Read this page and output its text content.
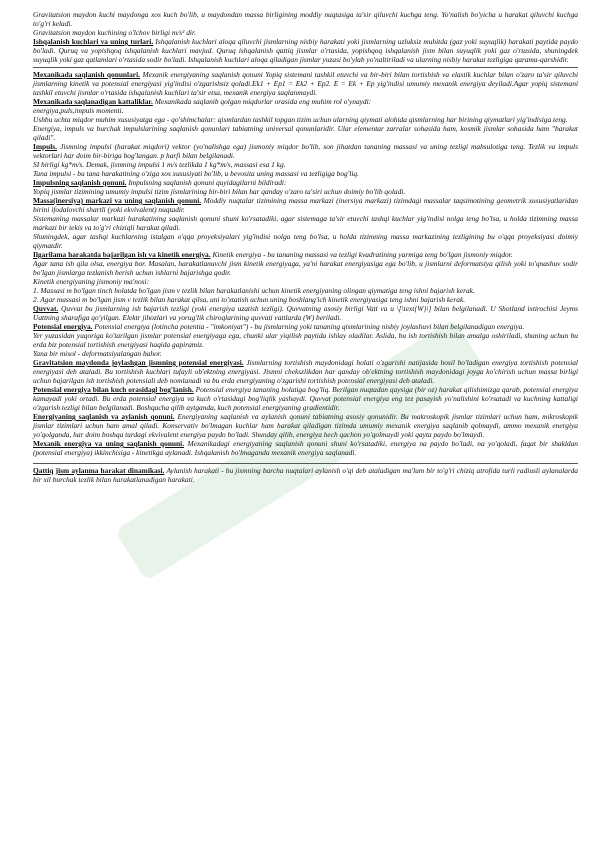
Gravitatsion maydon kuchi maydonga xos kuch bo'lib, u maydondan massa birligining moddiy nuqtasiga ta'sir qiluvchi kuchga teng. Yo'nalish bo'yicha u harakat qiluvchi kuchga to'g'ri keladi.

Gravitatsion maydon kuchining o'lchov birligi m/s² dir.

Ishqalanish kuchlari va uning turlari. Ishqalanish kuchlari aloqa qiluvchi jismlarning nisbiy harakati yoki jismlarning uzluksiz muhitda (gaz yoki suyuqlik) harakati paytida paydo bo'ladi. Quruq va yopishqoq ishqalanish kuchlari mavjud. Quruq ishqalanish qattiq jismlar o'rtasida, yopishqoq ishqalanish jism bilan suyuqlik yoki gaz o'rtasida, shuningdek suyuqlik yoki gaz qatlamlari o'rtasida sodir bo'ladi. Ishqalanish kuchlari aloqa qiladigan jismlar yuzasi bo'ylab yo'naltiriladi va ularning nisbiy harakat tezligiga qarama-qarshidir.

Mexanikada saqlanish qonunlari. Mexanik energiyaning saqlanish qonuni Yopiq sistemani tashkil etuvchi va bir-biri bilan tortishish va elastik kuchlar bilan o'zaro ta'sir qiluvchi jismlarning kinetik va potensial energiyasi yig'indisi o'zgarishsiz qoladi.Ek1 + Ep1 = Ek2 + Ep2. E = Ek + Ep yig'indisi umumiy mexanik energiya deyiladi.Agar yopiq sistemani tashkil etuvchi jismlar o'rtasida ishqalanish kuchlari ta'sir etsa, mexanik energiya saqlanmaydi.

Mexanikada saqlanadigan kattaliklar. Mexanikada saqlanib qolgan miqdorlar orasida eng muhim rol o'ynaydi:

energiya,puls,impuls momenti.

Ushbu uchta miqdor muhim xususiyatga ega - qo'shimchalar: qismlardan tashkil topgan tizim uchun ularning qiymati alohida qismlarning har birining qiymatlari yig'indisiga teng.

Energiya, impuls va burchak impulslarining saqlanish qonunlari tabiatning universal qonunlaridir. Ular elementar zarralar sohasida ham, kosmik jismlar sohasida ham "barakat qiladi".

Impuls. Jismning impulsi (harakat miqdori) vektor (yo'nalishga ega) jismoniy miqdor bo'lib, son jihatdan tananing massasi va uning tezligi mahsulotiga teng. Tezlik va impuls vektorlari har doim bir-biriga bog'langan. p harfi bilan belgilanadi.

SI birligi kg*m/s. Demak, jismning impulsi 1 m/s tezlikda 1 kg*m/s, massasi esa 1 kg.

Tana impulsi - bu tana harakatining o'ziga xos xususiyati bo'lib, u bevosita uning massasi va tezligiga bog'liq.

Impulsning saqlanish qonuni. Impulsning saqlanish qonuni quyidagilarni bildiradi:

Yopiq jismlar tizimining umumiy impulsi tizim jismlarining bir-biri bilan har qanday o'zaro ta'siri uchun doimiy bo'lib qoladi.

Massa(inersiya) markazi va uning saqlanish qonuni. Moddiy nuqtalar tizimining massa markazi (inersiya markazi) tizimdagi massalar taqsimotining geometrik xususiyatlaridan birini ifodalovchi shartli (yoki ekvivalent) nuqtadir.

Sistemaning massalar markazi harakatining saqlanish qonuni shuni ko'rsatadiki, agar sistemaga ta'sir etuvchi tashqi kuchlar yig'indisi nolga teng bo'lsa, u holda tizimning massa markazi bir tekis va to'g'ri chiziqli harakat qiladi.

Shuningdek, agar tashqi kuchlarning istalgan o'qqa proyeksiyalari yig'indisi nolga teng bo'lsa, u holda tizimning massa markazining tezligining bu o'qqa proyeksiyasi doimiy qiymatdir.

Ilgarilama harakatda bajarilgan ish va kinetik energiya. Kinetik energiya - bu tananing massasi va tezligi kvadratining yarmiga teng bo'lgan jismoniy miqdor.

Agar tana ish qila olsa, energiya bor. Masalan, harakatlanuvchi jism kinetik energiyaga, ya'ni harakat energiyasiga ega bo'lib, u jismlarni deformatsiya qilish yoki to'qnashuv sodir bo'lgan jismlarga tezlanish berish uchun ishlarni bajarishga qodir.

Kinetik energiyaning jismoniy ma'nosi:

1. Massasi m bo'lgan tinch holatda bo'lgan jism v tezlik bilan harakatlanishi uchun kinetik energiyaning olingan qiymatiga teng ishni bajarish kerak.

2. Agar massasi m bo'lgan jism v tezlik bilan harakat qilsa, uni to'xtatish uchun uning boshlang'ich kinetik energiyasiga teng ishni bajarish kerak.

Quvvat. Quvvat bu jismlarning ish bajarish tezligi (yoki energiya uzatish tezligi). Quvvatning asosiy birligi Vatt va u \[\text{W}\] bilan belgilanadi. U Shotland ixtirochisi Jeyms Uattning sharafiga qo'yilgan. Elektr jihozlari va yorug'lik chiroqlarining quvvati vattlarda (W) beriladi.

Potensial energiya. Potensial energiya (lotincha potentia - "imkoniyat") - bu jismlarning yoki tananing qismlarining nisbiy joylashuvi bilan belgilanadigan energiya.

Yer yuzasidan yuqoriga ko'tarilgan jismlar potensial energiyaga ega, chunki ular yiqilish paytida ishlay oladilar. Aslida, bu ish tortishish bilan amalga oshiriladi, shuning uchun bu erda biz potensial tortishish energiyasi haqida gapiramiz.

Yana bir misol - deformatsiyalangan bahor.

Gravitatsion maydonda joylashgan jismning potensial energiyasi. Jismlarning tortishish maydonidagi holati o'zgarishi natijasida hosil bo'ladigan energiya tortishish potensial energiyasi deb ataladi. Bu tortishish kuchlari tufayli ob'ektning energiyasi. Jismni chekszlikdan har qanday ob'ektning tortishish maydonidagi joyga ko'chirish uchun massa birligi uchun bajarilgan ish tortishish potensiali deb nomlanadi va bu erda energiyaning o'zgarishi tortishish potensial energiyasi deb ataladi.

Potensial energiya bilan kuch orasidagi bog'lanish. Potensial energiya tananing holatiga bog'liq. Berilgan nuqtadan qaysiga (bir oz) harakat qilishimizga qarab, potensial energiya kamayadi yoki ortadi. Bu erda potensial energiya va kuch o'rtasidagi bog'liqlik yashaydi. Quvvat potensial energiya eng tez pasayish yo'nalishini ko'rsatadi va kuchning kattaligi o'zgarish tezligi bilan belgilanadi. Boshqacha qilib aytganda, kuch potensial energiyaning gradientidir.

Energiyaning saqlanish va aylanish qonuni. Energiyaning saqlanish va aylanish qonuni tabiatning asosiy qonunidir. Bu makroskopik jismlar tizimlari uchun ham, mikroskopik jismlar tizimlari uchun ham amal qiladi. Konservativ bo'lmagan kuchlar ham harakat qiladigan tizimda umumiy mexanik energiya saqlanib qolmaydi, ammo mexanik energiya yo'qolganda, har doim boshqa turdagi ekvivalent energiya paydo bo'ladi. Shunday qilib, energiya hech qachon yo'qolmaydi yoki qayta paydo bo'lmaydi.

Mexanik energiya va uning saqlanish qonuni. Mexanikadagi energiyaning saqlanish qonuni shuni ko'rsatadiki, energiya na paydo bo'ladi, na yo'qoladi, faqat bir shakldan (potensial energiya) ikkinchisiga - kinetikga aylanadi. Ishqalanish bo'lmaganda mexanik energiya saqlanadi.

Qattiq jism aylanma harakat dinamikasi. Aylanish harakati - bu jismning barcha nuqtalari aylanish o'qi deb ataladigan ma'lum bir to'g'ri chiziq atrofida turli radiusli aylanalarda bir xil burchak tezlik bilan harakatlanadigan harakati.
